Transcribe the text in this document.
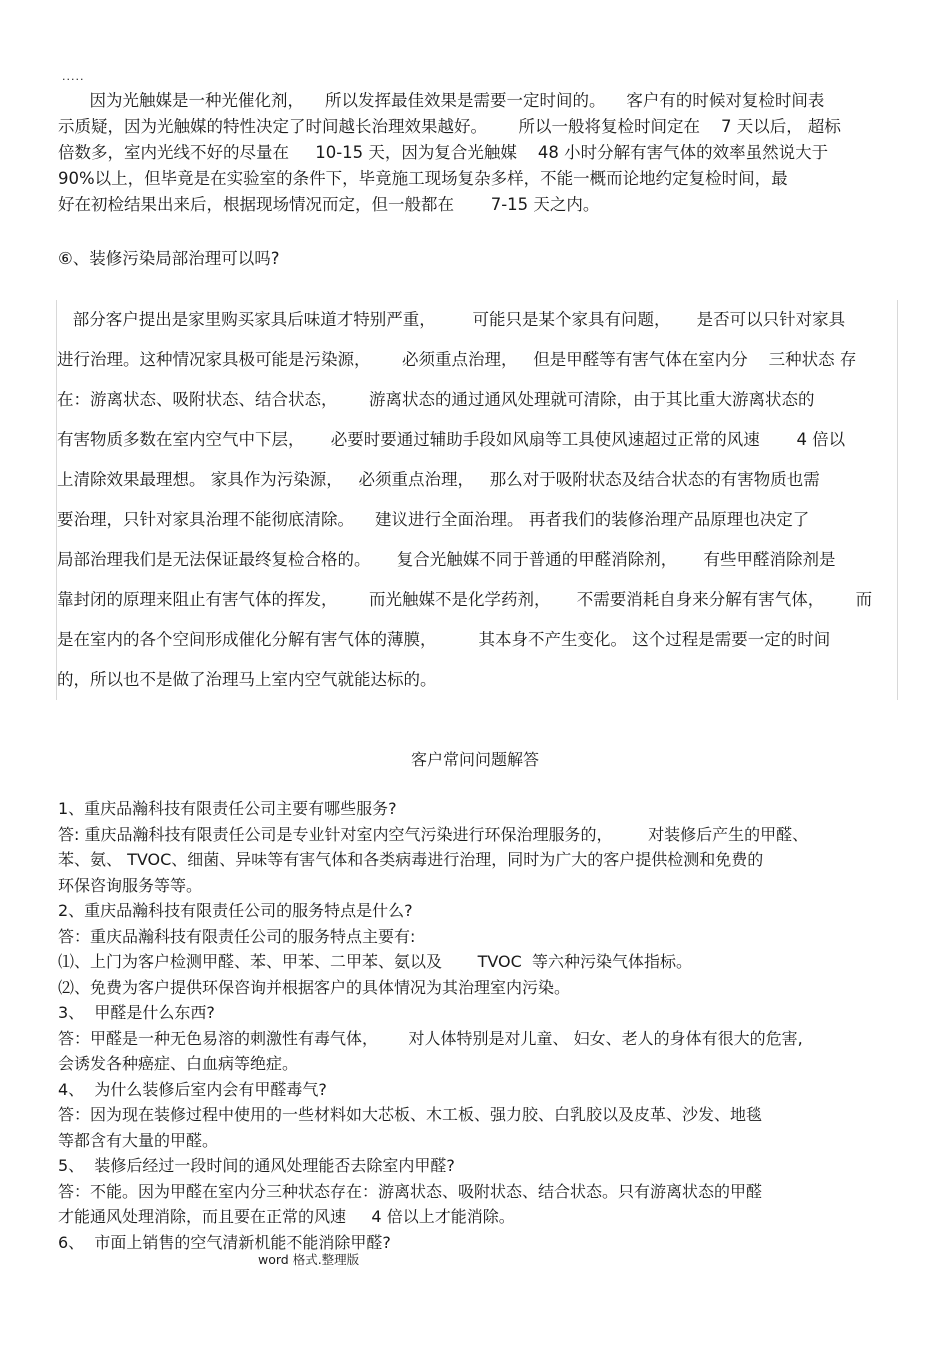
.....

因为光触媒是一种光催化剂，    所以发挥最佳效果是需要一定时间的。    客户有的时候对复检时间表

示质疑，因为光触媒的特性决定了时间越长治理效果越好。      所以一般将复检时间定在    7 天以后， 超标

倍数多，室内光线不好的尽量在     10-15 天，因为复合光触媒    48 小时分解有害气体的效率虽然说大于

90%以上，但毕竟是在实验室的条件下，毕竟施工现场复杂多样，不能一概而论地约定复检时间，最

好在初检结果出来后，根据现场情况而定，但一般都在       7-15 天之内。

⑥、装修污染局部治理可以吗?

部分客户提出是家里购买家具后味道才特别严重，       可能只是某个家具有问题，     是否可以只针对家具

进行治理。这种情况家具极可能是污染源，      必须重点治理，   但是甲醛等有害气体在室内分    三种状态 存

在：游离状态、吸附状态、结合状态，      游离状态的通过通风处理就可清除，由于其比重大游离状态的

有害物质多数在室内空气中下层，     必要时要通过辅助手段如风扇等工具使风速超过正常的风速       4 倍以

上清除效果最理想。 家具作为污染源，   必须重点治理，   那么对于吸附状态及结合状态的有害物质也需

要治理，只针对家具治理不能彻底清除。    建议进行全面治理。 再者我们的装修治理产品原理也决定了

局部治理我们是无法保证最终复检合格的。     复合光触媒不同于普通的甲醛消除剂，     有些甲醛消除剂是

靠封闭的原理来阻止有害气体的挥发，      而光触媒不是化学药剂，     不需要消耗自身来分解有害气体，      而

是在室内的各个空间形成催化分解有害气体的薄膜，        其本身不产生变化。 这个过程是需要一定的时间

的，所以也不是做了治理马上室内空气就能达标的。

客户常问问题解答

1、重庆品瀚科技有限责任公司主要有哪些服务?

答: 重庆品瀚科技有限责任公司是专业针对室内空气污染进行环保治理服务的，       对装修后产生的甲醛、

苯、氨、 TVOC、细菌、异味等有害气体和各类病毒进行治理，同时为广大的客户提供检测和免费的

环保咨询服务等等。

2、重庆品瀚科技有限责任公司的服务特点是什么?

答：重庆品瀚科技有限责任公司的服务特点主要有:

⑴、上门为客户检测甲醛、苯、甲苯、二甲苯、氨以及       TVOC  等六种污染气体指标。

⑵、免费为客户提供环保咨询并根据客户的具体情况为其治理室内污染。

3、  甲醛是什么东西?

答：甲醛是一种无色易溶的刺激性有毒气体，      对人体特别是对儿童、 妇女、老人的身体有很大的危害,

会诱发各种癌症、白血病等绝症。

4、  为什么装修后室内会有甲醛毒气?

答：因为现在装修过程中使用的一些材料如大芯板、木工板、强力胶、白乳胶以及皮革、沙发、地毯

等都含有大量的甲醛。

5、  装修后经过一段时间的通风处理能否去除室内甲醛?

答：不能。因为甲醛在室内分三种状态存在：游离状态、吸附状态、结合状态。只有游离状态的甲醛

才能通风处理消除，而且要在正常的风速     4 倍以上才能消除。

6、  市面上销售的空气清新机能不能消除甲醛?

word 格式.整理版
